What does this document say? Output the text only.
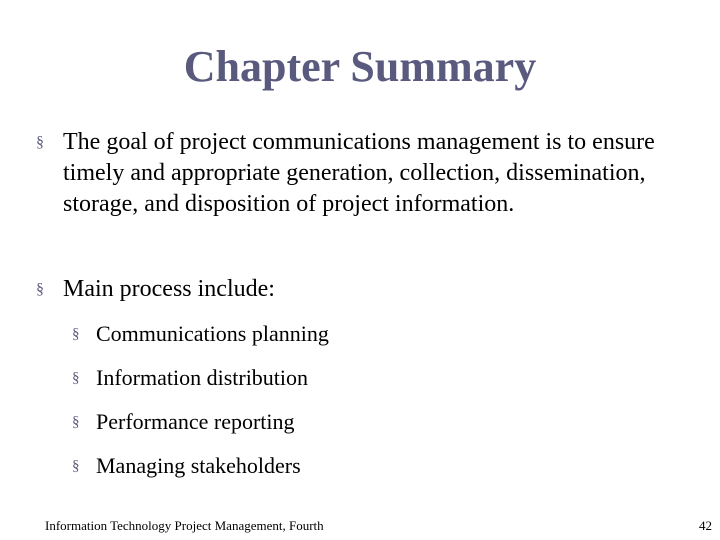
Chapter Summary
§ The goal of project communications management is to ensure timely and appropriate generation, collection, dissemination, storage, and disposition of project information.
§ Main process include:
§ Communications planning
§ Information distribution
§ Performance reporting
§ Managing stakeholders
Information Technology Project Management, Fourth	42
